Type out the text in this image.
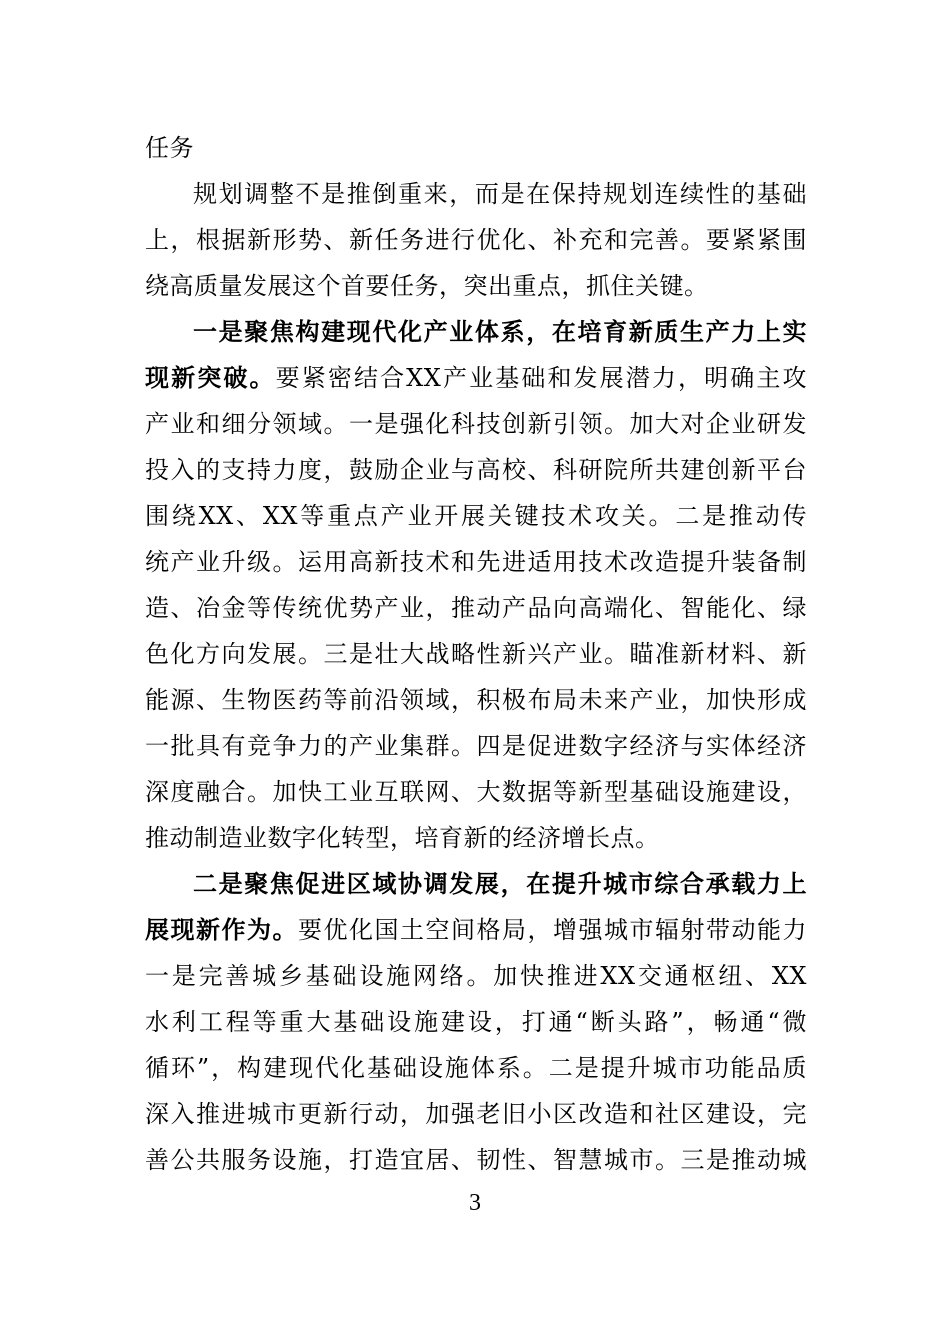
任务
规划调整不是推倒重来，而是在保持规划连续性的基础
上，根据新形势、新任务进行优化、补充和完善。要紧紧围
绕高质量发展这个首要任务，突出重点，抓住关键。
一是聚焦构建现代化产业体系，在培育新质生产力上实
现新突破。要紧密结合XX产业基础和发展潜力，明确主攻
产业和细分领域。一是强化科技创新引领。加大对企业研发
投入的支持力度，鼓励企业与高校、科研院所共建创新平台
围绕XX、XX等重点产业开展关键技术攻关。二是推动传
统产业升级。运用高新技术和先进适用技术改造提升装备制
造、冶金等传统优势产业，推动产品向高端化、智能化、绿
色化方向发展。三是壮大战略性新兴产业。瞄准新材料、新
能源、生物医药等前沿领域，积极布局未来产业，加快形成
一批具有竞争力的产业集群。四是促进数字经济与实体经济
深度融合。加快工业互联网、大数据等新型基础设施建设，
推动制造业数字化转型，培育新的经济增长点。
二是聚焦促进区域协调发展，在提升城市综合承载力上
展现新作为。要优化国土空间格局，增强城市辐射带动能力
一是完善城乡基础设施网络。加快推进XX交通枢纽、XX
水利工程等重大基础设施建设，打通“断头路”，畅通“微
循环”，构建现代化基础设施体系。二是提升城市功能品质
深入推进城市更新行动，加强老旧小区改造和社区建设，完
善公共服务设施，打造宜居、韧性、智慧城市。三是推动城
3
